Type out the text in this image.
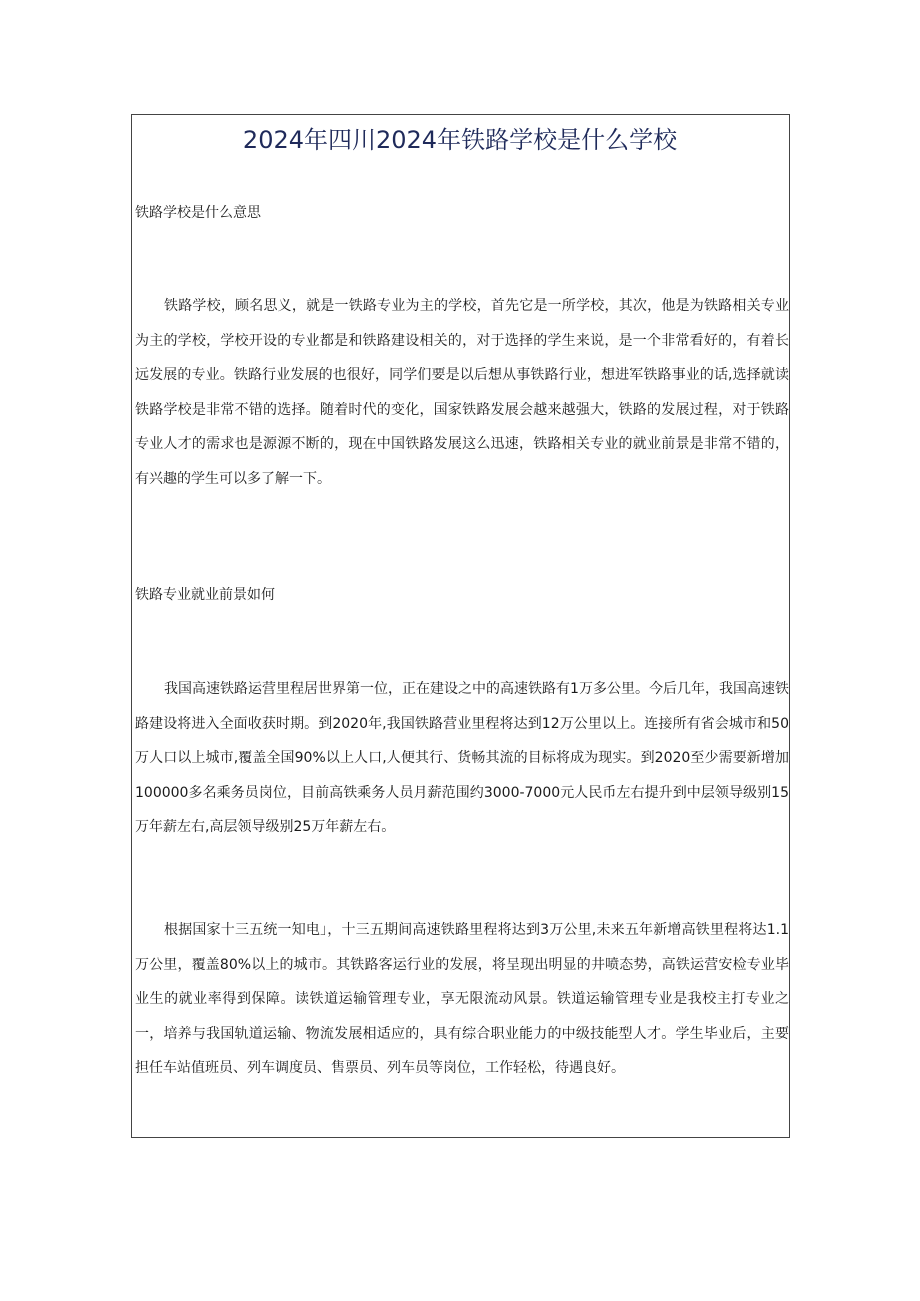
2024年四川2024年铁路学校是什么学校
铁路学校是什么意思

铁路学校，顾名思义，就是一铁路专业为主的学校，首先它是一所学校，其次，他是为铁路相关专业为主的学校，学校开设的专业都是和铁路建设相关的，对于选择的学生来说，是一个非常看好的，有着长远发展的专业。铁路行业发展的也很好，同学们要是以后想从事铁路行业，想进军铁路事业的话,选择就读铁路学校是非常不错的选择。随着时代的变化，国家铁路发展会越来越强大，铁路的发展过程，对于铁路专业人才的需求也是源源不断的，现在中国铁路发展这么迅速，铁路相关专业的就业前景是非常不错的，有兴趣的学生可以多了解一下。

铁路专业就业前景如何

我国高速铁路运营里程居世界第一位，正在建设之中的高速铁路有1万多公里。今后几年，我国高速铁路建设将进入全面收获时期。到2020年,我国铁路营业里程将达到12万公里以上。连接所有省会城市和50万人口以上城市,覆盖全国90%以上人口,人便其行、货畅其流的目标将成为现实。到2020至少需要新增加100000多名乘务员岗位，目前高铁乘务人员月薪范围约3000-7000元人民币左右提升到中层领导级别15万年薪左右,高层领导级别25万年薪左右。

根据国家十三五统一知电」，十三五期间高速铁路里程将达到3万公里,未来五年新增高铁里程将达1.1万公里，覆盖80%以上的城市。其铁路客运行业的发展，将呈现出明显的井喷态势，高铁运营安检专业毕业生的就业率得到保障。读铁道运输管理专业，享无限流动风景。铁道运输管理专业是我校主打专业之一，培养与我国轨道运输、物流发展相适应的，具有综合职业能力的中级技能型人才。学生毕业后，主要担任车站值班员、列车调度员、售票员、列车员等岗位，工作轻松，待遇良好。
